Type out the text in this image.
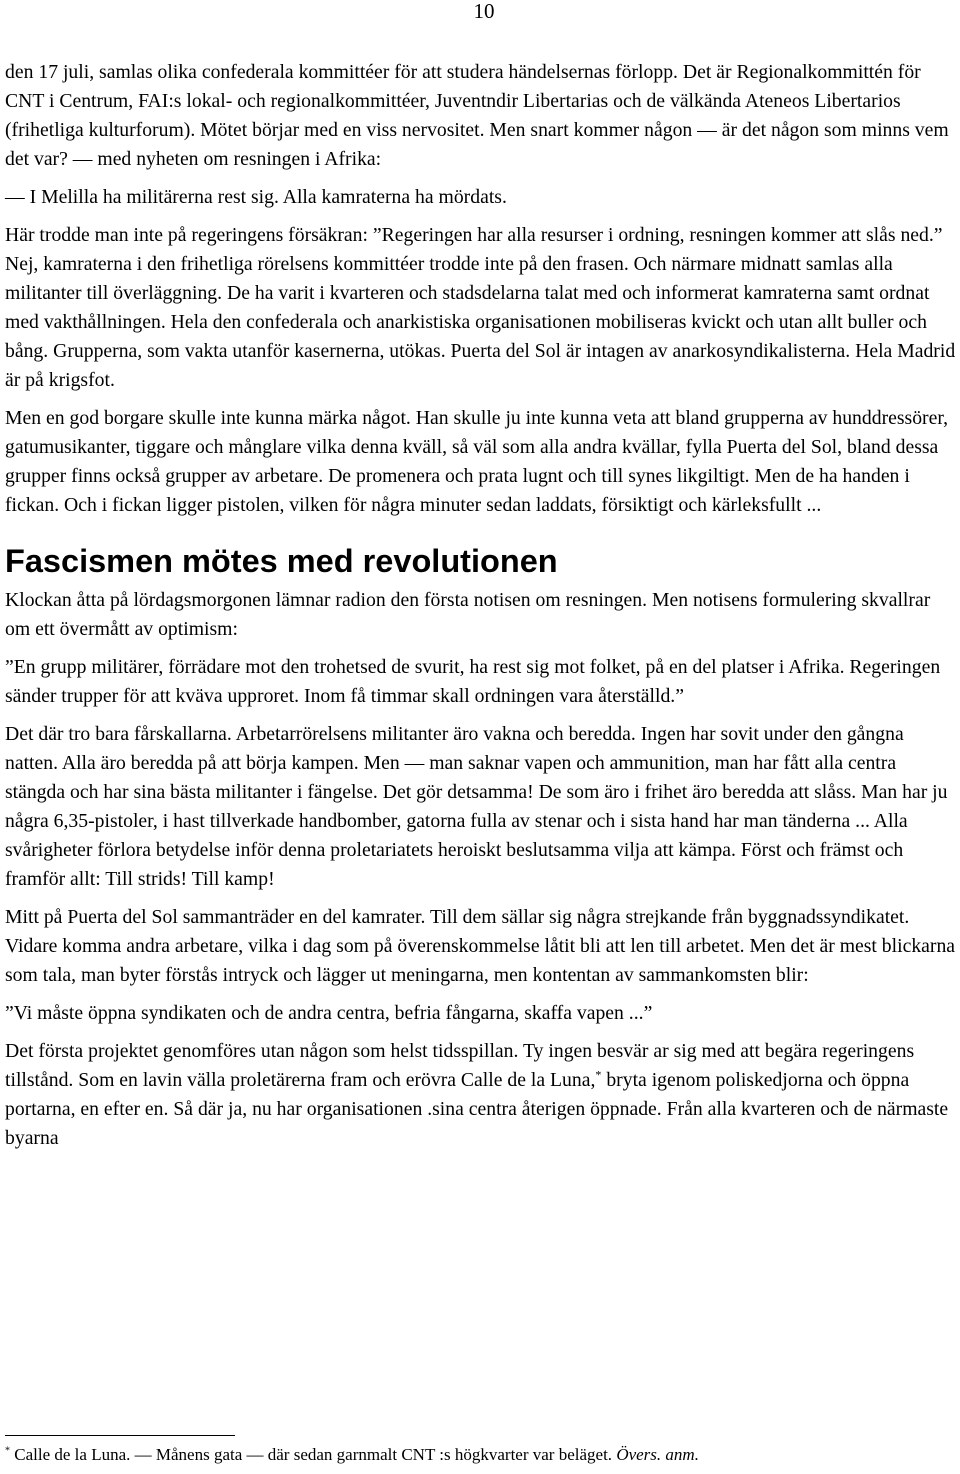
10

den 17 juli, samlas olika confederala kommittéer för att studera händelsernas förlopp. Det är Regionalkommittén för CNT i Centrum, FAI:s lokal- och regionalkommittéer, Juventndir Libertarias och de välkända Ateneos Libertarios (frihetliga kulturforum). Mötet börjar med en viss nervositet. Men snart kommer någon — är det någon som minns vem det var? — med nyheten om resningen i Afrika:

— I Melilla ha militärerna rest sig. Alla kamraterna ha mördats.

Här trodde man inte på regeringens försäkran: ”Regeringen har alla resurser i ordning, resningen kommer att slås ned.” Nej, kamraterna i den frihetliga rörelsens kommittéer trodde inte på den frasen. Och närmare midnatt samlas alla militanter till överläggning. De ha varit i kvarteren och stadsdelarna talat med och informerat kamraterna samt ordnat med vakthållningen. Hela den confederala och anarkistiska organisationen mobiliseras kvickt och utan allt buller och bång. Grupperna, som vakta utanför kasernerna, utökas. Puerta del Sol är intagen av anarkosyndikalisterna. Hela Madrid är på krigsfot.

Men en god borgare skulle inte kunna märka något. Han skulle ju inte kunna veta att bland grupperna av hunddressörer, gatumusikanter, tiggare och månglare vilka denna kväll, så väl som alla andra kvällar, fylla Puerta del Sol, bland dessa grupper finns också grupper av arbetare. De promenera och prata lugnt och till synes likgiltigt. Men de ha handen i fickan. Och i fickan ligger pistolen, vilken för några minuter sedan laddats, försiktigt och kärleksfullt ...

Fascismen mötes med revolutionen

Klockan åtta på lördagsmorgonen lämnar radion den första notisen om resningen. Men notisens formulering skvallrar om ett övermått av optimism:

”En grupp militärer, förrädare mot den trohetsed de svurit, ha rest sig mot folket, på en del platser i Afrika. Regeringen sänder trupper för att kväva upproret. Inom få timmar skall ordningen vara återställd.”

Det där tro bara fårskallarna. Arbetarrörelsens militanter äro vakna och beredda. Ingen har sovit under den gångna natten. Alla äro beredda på att börja kampen. Men — man saknar vapen och ammunition, man har fått alla centra stängda och har sina bästa militanter i fängelse. Det gör detsamma! De som äro i frihet äro beredda att slåss. Man har ju några 6,35-pistoler, i hast tillverkade handbomber, gatorna fulla av stenar och i sista hand har man tänderna ... Alla svårigheter förlora betydelse inför denna proletariatets heroiskt beslutsamma vilja att kämpa. Först och främst och framför allt: Till strids! Till kamp!

Mitt på Puerta del Sol sammanträder en del kamrater. Till dem sällar sig några strejkande från byggnadssyndikatet. Vidare komma andra arbetare, vilka i dag som på överenskommelse låtit bli att len till arbetet. Men det är mest blickarna som tala, man byter förstås intryck och lägger ut meningarna, men kontentan av sammankomsten blir:

”Vi måste öppna syndikaten och de andra centra, befria fångarna, skaffa vapen ...”

Det första projektet genomföres utan någon som helst tidsspillan. Ty ingen besvär ar sig med att begära regeringens tillstånd. Som en lavin välla proletärerna fram och erövra Calle de la Luna,* bryta igenom poliskedjorna och öppna portarna, en efter en. Så där ja, nu har organisationen .sina centra återigen öppnade. Från alla kvarteren och de närmaste byarna

* Calle de la Luna. — Månens gata — där sedan garnmalt CNT :s högkvarter var beläget. Övers. anm.
